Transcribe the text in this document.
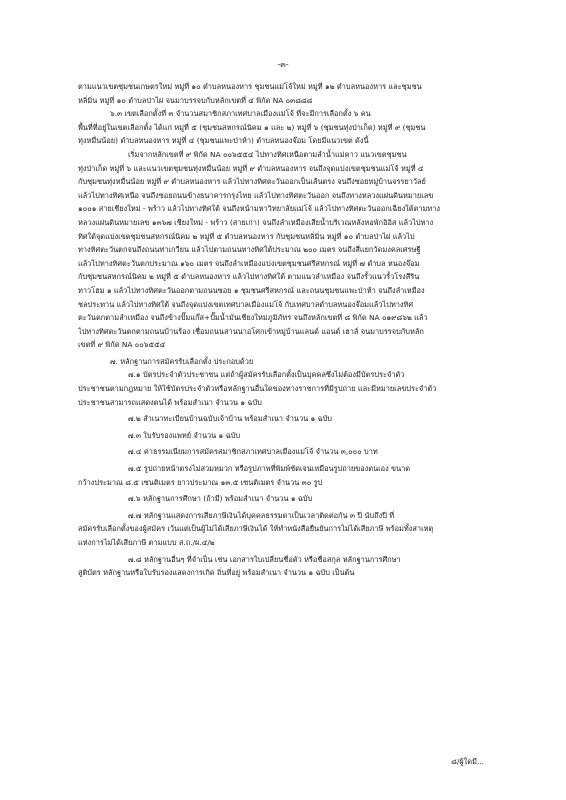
-๓-
ตามแนวเขตชุมชนเกษตรใหม่ หมู่ที่ ๑๐ ตำบลหนองหาร ชุมชนแม่โจ้ใหม่ หมู่ที่ ๑๒ ตำบลหนองหาร และชุมชน
หลิ่มิ่น หมู่ที่ ๑๐ ตำบลป่าไผ่ จนมาบรรจบกับหลักเขตที่ ๔ พิกัด NA ๐๓๘๘๘
๖.๓ เขตเลือกตั้งที่ ๓ จำนวนสมาชิกสภาเทศบาลเมืองแม่โจ้ ที่จะมีการเลือกตั้ง ๖ คน
พื้นที่ที่อยู่ในเขตเลือกตั้ง ได้แก่ หมู่ที่ ๕ (ชุมชนสหกรณ์นิคม ๑ และ ๒) หมู่ที่ ๖ (ชุมชนทุ่งป่าเก็ด) หมู่ที่ ๙ (ชุมชน
ทุ่งหมื่นน้อย) ตำบลหนองหาร หมู่ที่ ๔ (ชุมชนแพะป่าห้า) ตำบลหนองจ๊อม โดยมีแนวเขต ดังนี้
เริ่มจากหลักเขตที่ ๙ พิกัด NA ๐๐๖๕๕๔ ไปทางทิศเหนือตามลำน้ำแม่คาว แนวเขตชุมชน
ทุ่งป่าเก็ด หมู่ที่ ๖ และแนวเขตชุมชนทุ่งหมื่นน้อย หมู่ที่ ๙ ตำบลหนองหาร จนถึงจุดแบ่งเขตชุมชนแม่โจ้ หมู่ที่ ๔
กับชุมชนทุ่งหมื่นน้อย หมู่ที่ ๙ ตำบลหนองหาร แล้วไปทางทิศตะวันออกเป็นเส้นตรง จนถึงซอยหมู่บ้านจรรยาวัลย์
แล้วไปทางทิศเหนือ จนถึงซอยถนนข้างธนาคารกรุงไทย แล้วไปทางทิศตะวันออก จนถึงทางหลวงแผ่นดินหมายเลข
๑๐๐๑ สายเชียงใหม่ - พร้าว แล้วไปทางทิศใต้ จนถึงหน้ามหาวิทยาลัยแม่โจ้ แล้วไปทางทิศตะวันออกเฉียงใต้ตามทาง
หลวงแผ่นดินหมายเลข ๑๓๖๗ เชียงใหม่ - พร้าว (สายเก่า) จนถึงลำเหมืองเสียน้ำบริเวณหลังหอพักอิอิส แล้วไปทาง
ทิศใต้จุดแบ่งเขตชุมชนสหกรณ์นิคม ๒ หมู่ที่ ๕ ตำบลหนองหาร กับชุมชนหลิ่มิ่น หมู่ที่ ๑๐ ตำบลป่าไผ่ แล้วไป
ทางทิศตะวันตกจนถึงถนนท่าเกวียน แล้วไปตามถนนทางทิศใต้ประมาณ ๒๐๐ เมตร จนถึงสี่แยกวัดมงคลเศรษฐี
แล้วไปทางทิศตะวันตกประมาณ ๑๖๐ เมตร จนถึงลำเหมืองแบ่งเขตชุมชนศรีสหกรณ์ หมู่ที่ ๗ ตำบล หนองจ๊อม
กับชุมชนสหกรณ์นิคม ๒ หมู่ที่ ๕ ตำบลหนองหาร แล้วไปทางทิศใต้ ตามแนวลำเหมือง จนถึงรั้วแนวรั้วโรงสีริน
ทาวโฮม ๑ แล้วไปทางทิศตะวันออกตามถนนซอย ๑ ชุมชนศรีสหกรณ์ และถนนชุมชนแพะป่าห้า จนถึงลำเหมือง
ชลประทาน แล้วไปทางทิศใต้ จนถึงจุดแบ่งเขตเทศบาลเมืองแม่โจ้ กับเทศบาลตำบลหนองจ๊อมแล้วไปทางทิศ
ตะวันตกตามลำเหมือง จนถึงข้างปั๊มแก๊ส+ปั๊มน้ำมันเชียงใหม่ภูมิภัทร จนถึงหลักเขตที่ ๘ พิกัด NA ๐๑๙๘๖๒ แล้ว
ไปทางทิศตะวันตกตามถนนบ้านร้อง เชื่อมถนนสานนาอโศกเข้าหมู่บ้านแลนด์ แอนด์ เฮาส์ จนมาบรรจบกับหลัก
เขตที่ ๙ พิกัด NA ๐๐๖๕๕๔
๗. หลักฐานการสมัครรับเลือกตั้ง ประกอบด้วย
๗.๑ บัตรประจำตัวประชาชน แต่ถ้าผู้สมัครรับเลือกตั้งเป็นบุคคลซึ่งไม่ต้องมีบัตรประจำตัว
ประชาชนตามกฎหมาย ให้ใช้บัตรประจำตัวหรือหลักฐานอื่นใดของทางราชการที่มีรูปถ่าย และมีหมายเลขประจำตัว
ประชาชนสามารถแสดงตนได้ พร้อมสำเนา จำนวน ๑ ฉบับ
๗.๒ สำเนาทะเบียนบ้านฉบับเจ้าบ้าน พร้อมสำเนา จำนวน ๑ ฉบับ
๗.๓ ใบรับรองแพทย์ จำนวน ๑ ฉบับ
๗.๔ ค่าธรรมเนียมการสมัครสมาชิกสภาเทศบาลเมืองแม่โจ้ จำนวน ๓,๐๐๐ บาท
๗.๕ รูปถ่ายหน้าตรงไม่สวมหมวก หรือรูปภาพที่พิมพ์ชัดเจนเหมือนรูปถ่ายของตนเอง ขนาด
กว้างประมาณ ๘.๕ เซนติเมตร ยาวประมาณ ๑๓.๕ เซนติเมตร จำนวน ๓๐ รูป
๗.๖ หลักฐานการศึกษา (ถ้ามี) พร้อมสำเนา จำนวน ๑ ฉบับ
๗.๗ หลักฐานแสดงการเสียภาษีเงินได้บุคคลธรรมดาเป็นเวลาติดต่อกัน ๓ ปี นับถึงปี ที่
สมัครรับเลือกตั้งของผู้สมัคร เว้นแต่เป็นผู้ไม่ได้เสียภาษีเงินได้ ให้ทำหนังสือยืนยันการไม่ได้เสียภาษี พร้อมทั้งสาเหตุ
แห่งการไม่ได้เสียภาษี ตามแบบ ส.ถ./ผ.๔/๒
๗.๘ หลักฐานอื่นๆ ที่จำเป็น เช่น เอกสารใบเปลี่ยนชื่อตัว หรือชื่อสกุล หลักฐานการศึกษา
สูติบัตร หลักฐานหรือใบรับรองแสดงการเกิด ถิ่นที่อยู่ พร้อมสำเนา จำนวน ๑ ฉบับ เป็นต้น
๘/ผู้ใดมี...
